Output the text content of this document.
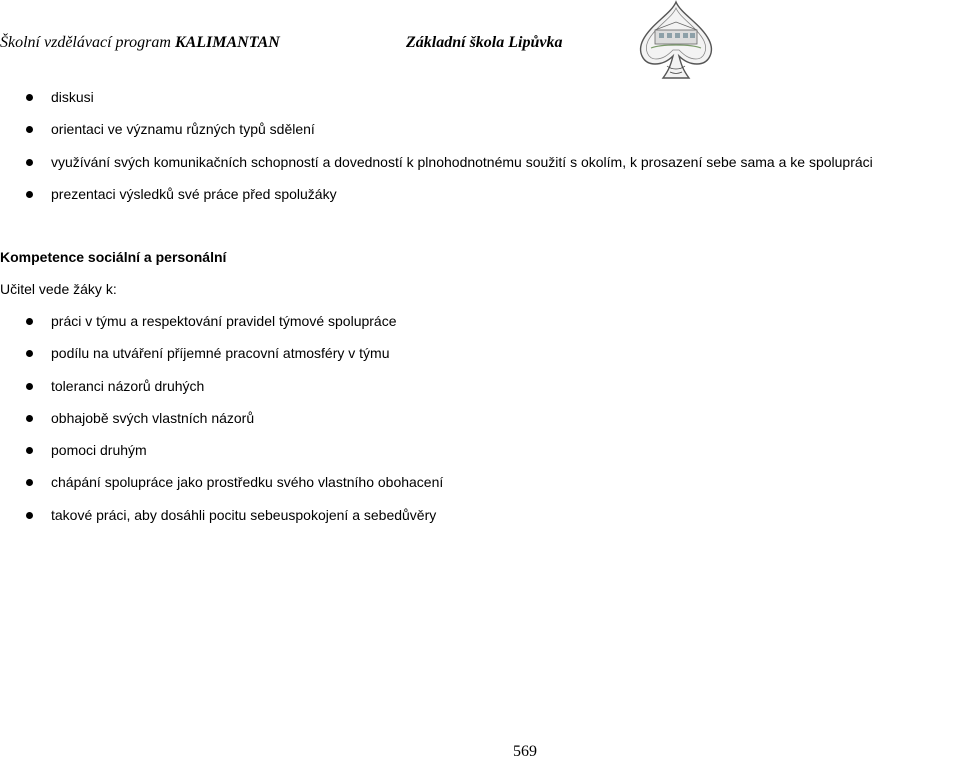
Školní vzdělávací program KALIMANTAN	Základní škola Lipůvka
diskusi
orientaci ve významu různých typů sdělení
využívání svých komunikačních schopností a dovedností k plnohodnotnému soužití s okolím, k prosazení sebe sama a ke spolupráci
prezentaci výsledků své práce před spolužáky
Kompetence sociální a personální
Učitel vede žáky k:
práci v týmu a respektování pravidel týmové spolupráce
podílu na utváření příjemné pracovní atmosféry v týmu
toleranci názorů druhých
obhajobě svých vlastních názorů
pomoci druhým
chápání spolupráce jako prostředku svého vlastního obohacení
takové práci, aby dosáhli pocitu sebeuspokojení a sebedůvěry
569
